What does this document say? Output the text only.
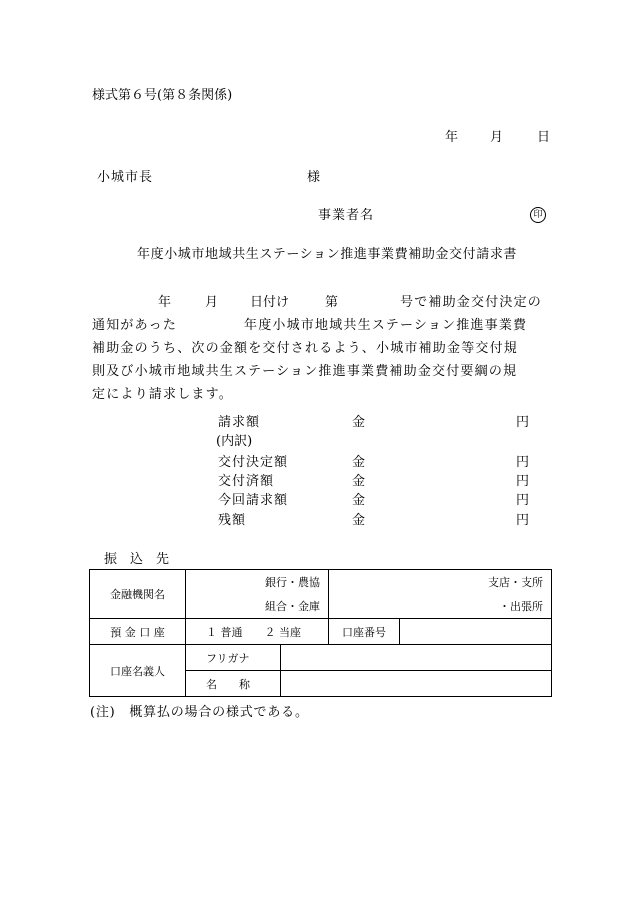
様式第６号(第８条関係)
年 月	日
小城市長	様
事業者名	印
年度小城市地域共生ステーション推進事業費補助金交付請求書
年	月 日付け	第	号で補助金交付決定の
通知があった	年度小城市地域共生ステーション推進事業費
補助金のうち、次の金額を交付されるよう、小城市補助金等交付規
則及び小城市地域共生ステーション推進事業費補助金交付要綱の規
定により請求します。
請求額	金	円
(内訳)
交付決定額	金	円
交付済額	金	円
今回請求額	金	円
残額	金	円
振　込　先
金融機関名	銀行・農協		支店・支所	
	組合・金庫		・出張所	
預 金 口 座	１ 普通　　２ 当座		口座番号	
口座名義人	フリガナ			
	名　　称			
(注)　概算払の場合の様式である。
